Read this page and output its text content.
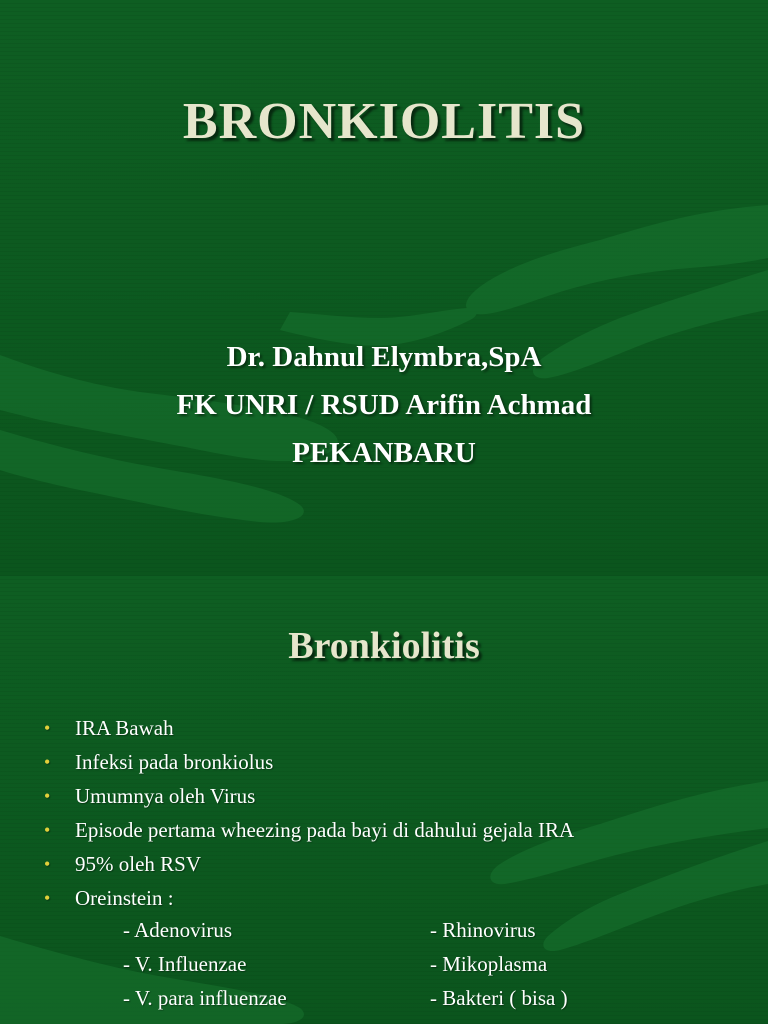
BRONKIOLITIS
Dr. Dahnul Elymbra,SpA
FK UNRI / RSUD Arifin Achmad
PEKANBARU
Bronkiolitis
• IRA Bawah
• Infeksi pada bronkiolus
• Umumnya oleh Virus
• Episode pertama wheezing pada bayi di dahului gejala IRA
• 95% oleh RSV
• Oreinstein :
- Adenovirus	- Rhinovirus
- V. Influenzae	- Mikoplasma
- V. para influenzae	- Bakteri ( bisa )
